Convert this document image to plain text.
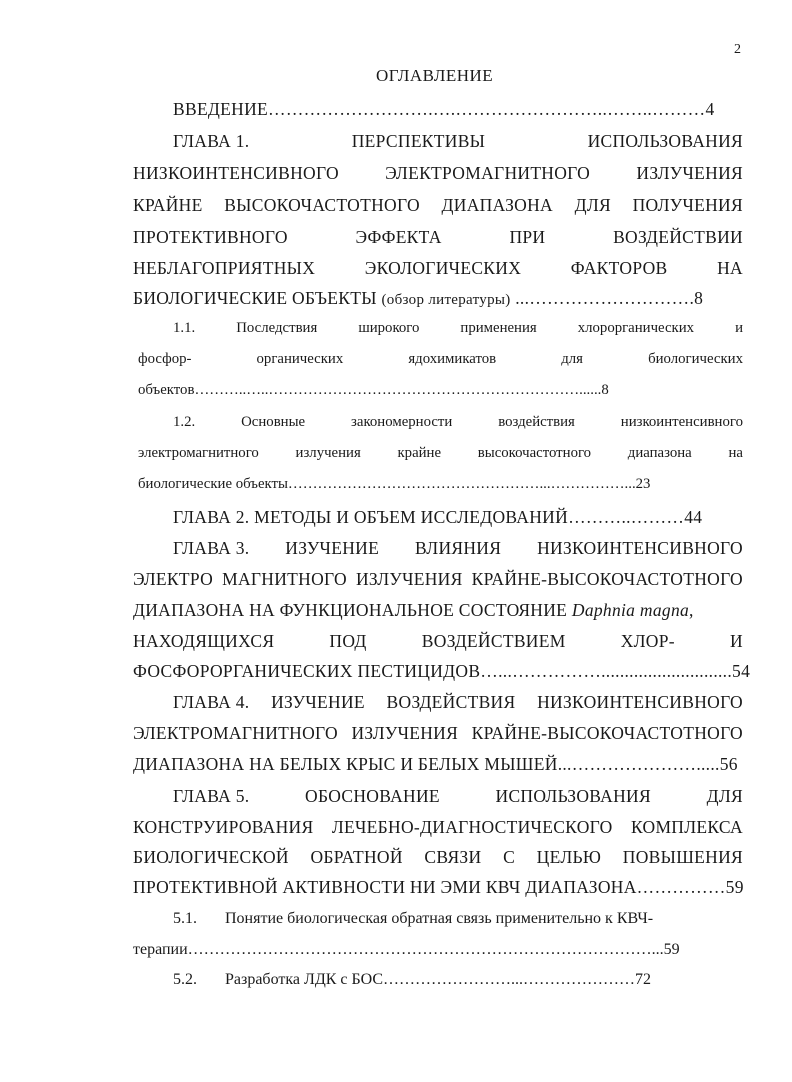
2
ОГЛАВЛЕНИЕ
ВВЕДЕНИЕ……………………….….……………………..……..………4
ГЛАВА 1.	ПЕРСПЕКТИВЫ	ИСПОЛЬЗОВАНИЯ
НИЗКОИНТЕНСИВНОГО	ЭЛЕКТРОМАГНИТНОГО	ИЗЛУЧЕНИЯ
КРАЙНЕ ВЫСОКОЧАСТОТНОГО ДИАПАЗОНА ДЛЯ ПОЛУЧЕНИЯ
ПРОТЕКТИВНОГО	ЭФФЕКТА	ПРИ	ВОЗДЕЙСТВИИ
НЕБЛАГОПРИЯТНЫХ	ЭКОЛОГИЧЕСКИХ	ФАКТОРОВ	НА
БИОЛОГИЧЕСКИЕ ОБЪЕКТЫ (обзор литературы) ...……………………….8
1.1.	Последствия	широкого	применения	хлорорганических	и
фосфор-	органических	ядохимикатов	для	биологических
объектов………..…..………………………………………………………......8
1.2.	Основные	закономерности	воздействия	низкоинтенсивного
электромагнитного излучения крайне высокочастотного диапазона на
биологические объекты……………………………………………...……………...23
ГЛАВА 2. МЕТОДЫ И ОБЪЕМ ИССЛЕДОВАНИЙ………..………44
ГЛАВА 3. ИЗУЧЕНИЕ ВЛИЯНИЯ НИЗКОИНТЕНСИВНОГО
ЭЛЕКТРО МАГНИТНОГО ИЗЛУЧЕНИЯ КРАЙНЕ-ВЫСОКОЧАСТОТНОГО
ДИАПАЗОНА НА ФУНКЦИОНАЛЬНОЕ СОСТОЯНИЕ Daphnia magna,
НАХОДЯЩИХСЯ	ПОД	ВОЗДЕЙСТВИЕМ	ХЛОР-	И
ФОСФОРОРГАНИЧЕСКИХ ПЕСТИЦИДОВ…...……………............................54
ГЛАВА 4. ИЗУЧЕНИЕ ВОЗДЕЙСТВИЯ НИЗКОИНТЕНСИВНОГО
ЭЛЕКТРОМАГНИТНОГО ИЗЛУЧЕНИЯ КРАЙНЕ-ВЫСОКОЧАСТОТНОГО
ДИАПАЗОНА НА БЕЛЫХ КРЫС И БЕЛЫХ МЫШЕЙ...………………….....56
ГЛАВА 5.	ОБОСНОВАНИЕ	ИСПОЛЬЗОВАНИЯ	ДЛЯ
КОНСТРУИРОВАНИЯ ЛЕЧЕБНО-ДИАГНОСТИЧЕСКОГО КОМПЛЕКСА
БИОЛОГИЧЕСКОЙ ОБРАТНОЙ СВЯЗИ С ЦЕЛЬЮ ПОВЫШЕНИЯ
ПРОТЕКТИВНОЙ АКТИВНОСТИ НИ ЭМИ КВЧ ДИАПАЗОНА……………59
5.1. Понятие биологическая обратная связь применительно к КВЧ-
терапии……………………………………………………………………………...59
5.2. Разработка ЛДК с БОС……………………...…………………72
